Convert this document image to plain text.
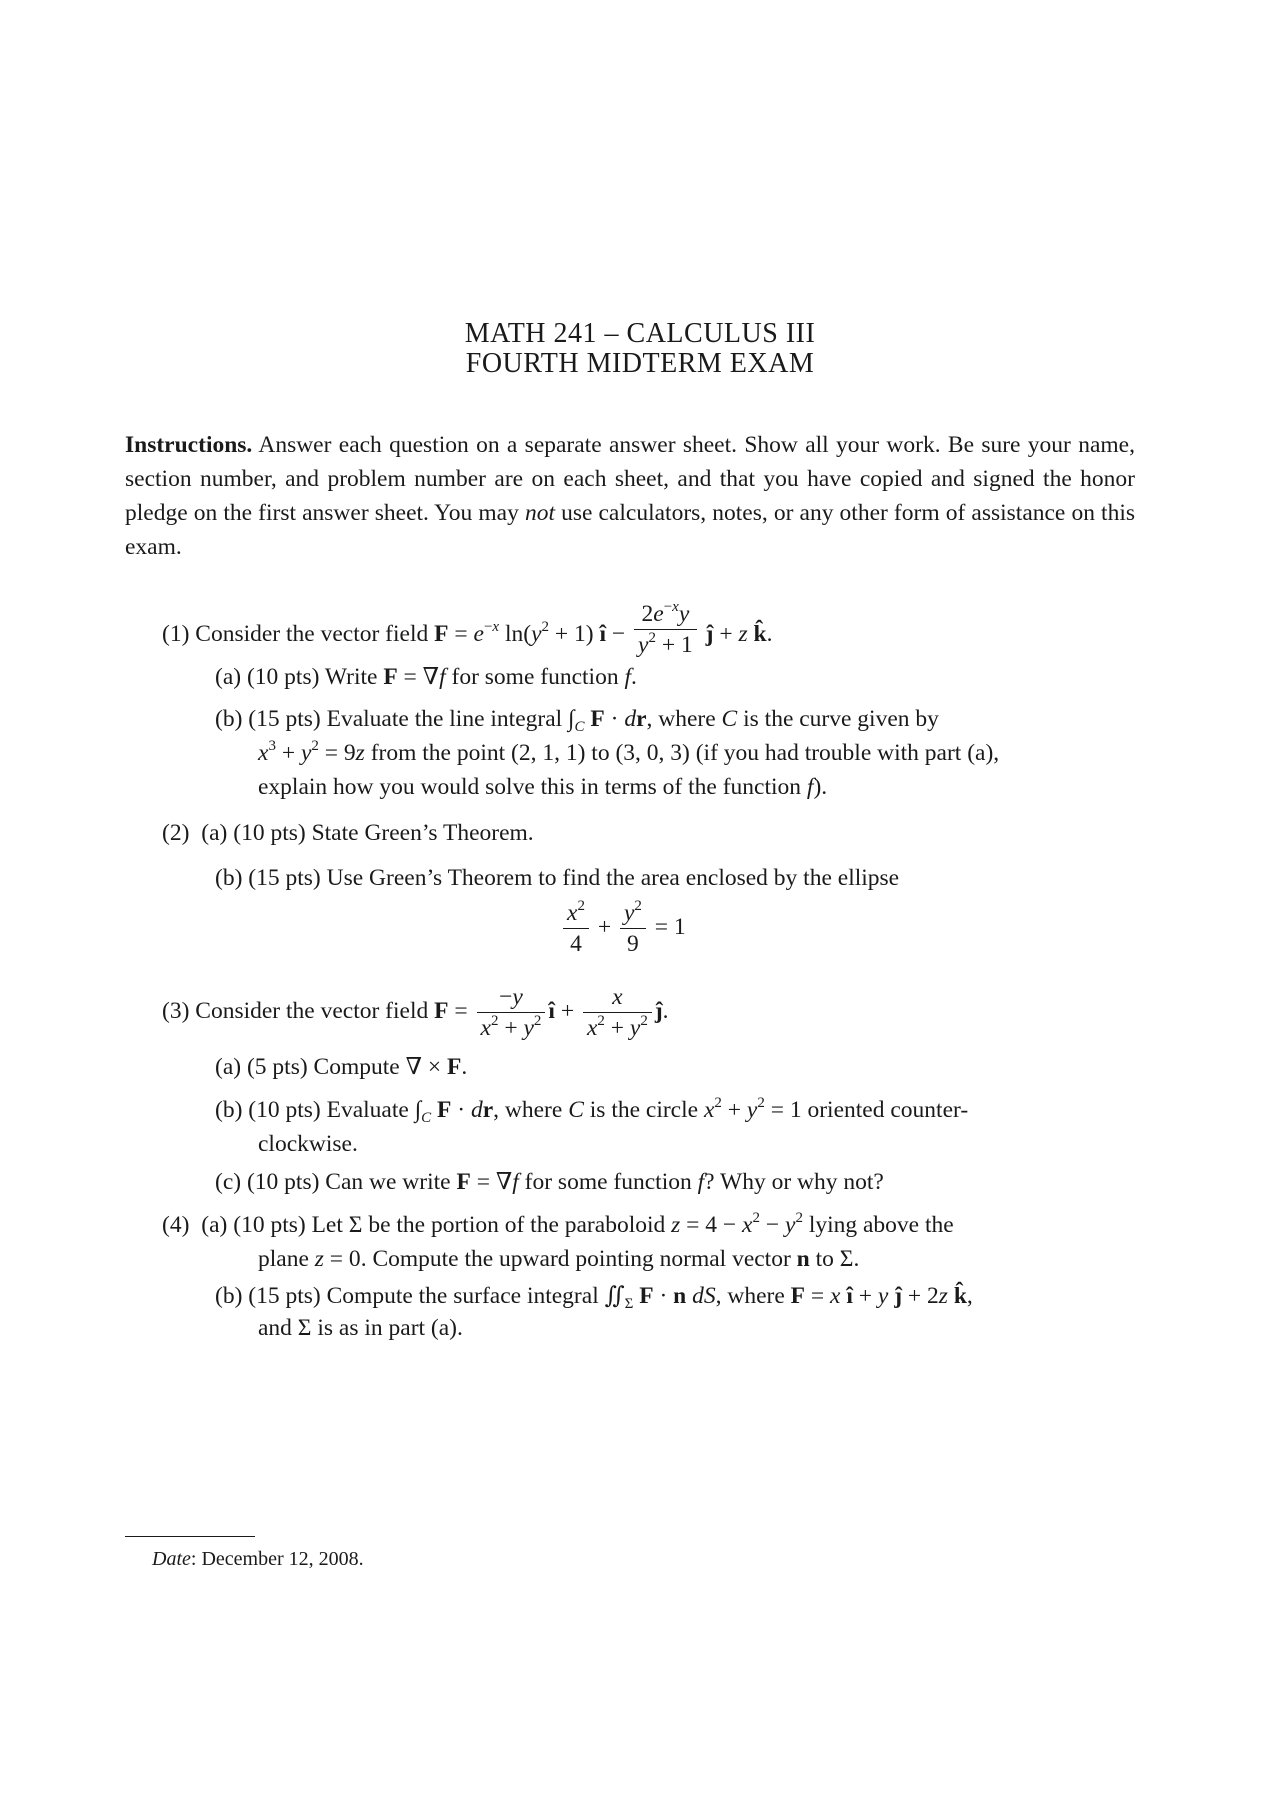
MATH 241 – CALCULUS III
FOURTH MIDTERM EXAM
Instructions. Answer each question on a separate answer sheet. Show all your work. Be sure your name, section number, and problem number are on each sheet, and that you have copied and signed the honor pledge on the first answer sheet. You may not use calculators, notes, or any other form of assistance on this exam.
(1) Consider the vector field $F = e^{-x}$ $\ln(y^2 + 1)$ î − $\frac{2e^{-x}y}{y^2 + 1}$ ĵ + z k̂.
(a) (10 pts) Write F = ∇f for some function f.
(b) (15 pts) Evaluate the line integral $\int_C$ F · dr, where C is the curve given by
$x^3 + y^2 = 9z$ from the point (2, 1, 1) to (3, 0, 3) (if you had trouble with part (a),
explain how you would solve this in terms of the function f).
(2) (a) (10 pts) State Green’s Theorem.
(b) (15 pts) Use Green’s Theorem to find the area enclosed by the ellipse
$\frac{x^2}{4} + \frac{y^2}{9} = 1$
(3) Consider the vector field $F = \frac{-y}{x^2 + y^2}$ î + $\frac{x}{x^2 + y^2}$ ĵ.
(a) (5 pts) Compute ∇ × F.
(b) (10 pts) Evaluate $\int_C$ F · dr, where C is the circle $x^2 + y^2 = 1$ oriented counter-
clockwise.
(c) (10 pts) Can we write F = ∇f for some function f? Why or why not?
(4) (a) (10 pts) Let Σ be the portion of the paraboloid $z = 4 - x^2 - y^2$ lying above the
plane z = 0. Compute the upward pointing normal vector n to Σ.
(b) (15 pts) Compute the surface integral $∬_\Sigma$ F · n dS, where F = x î + y ĵ + 2z k̂,
and Σ is as in part (a).
Date: December 12, 2008.
